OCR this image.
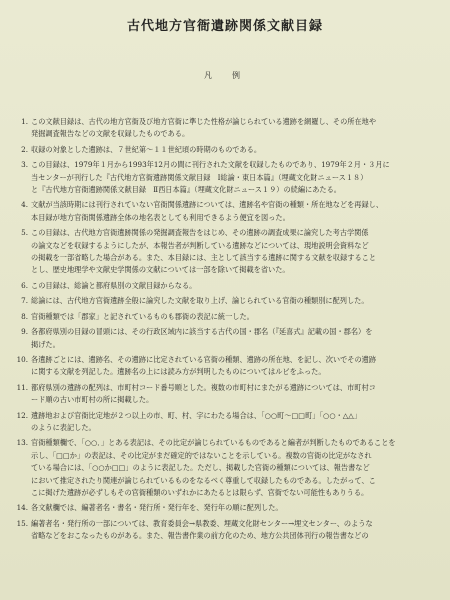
古代地方官衙遺跡関係文献目録
凡　例
1. この文献目録は、古代の地方官衙及び地方官衙に準じた性格が論じられている遺跡を網羅し、その所在地や
発掘調査報告などの文献を収録したものである。
2. 収録の対象とした遺跡は、７世紀第～１１世紀頃の時期のものである。
3. この目録は、1979年１月から1993年12月の間に刊行された文献を収録したものであり、1979年２月・３月に
当センターが刊行した『古代地方官衙遺跡関係文献目録　Ⅰ総論・東日本篇』（埋蔵文化財ニュース１８）
と『古代地方官衙遺跡関係文献目録　Ⅱ西日本篇』（埋蔵文化財ニュース１９）の続編にあたる。
4. 文献が当該時期には刊行されていない官衙関係遺跡については、遺跡名や官衙の種類・所在地などを再録し、
本目録が地方官衙関係遺跡全体の地名表としても利用できるよう便宜を図った。
5. この目録は、古代地方官衙遺跡関係の発掘調査報告をはじめ、その遺跡の調査成果に論究した考古学関係
の論文などを収録するようにしたが、本報告者が判断している遺跡などについては、現地説明会資料など
の掲載を一部省略した場合がある。また、本目録には、主として該当する遺跡に関する文献を収録すること
とし、歴史地理学や文献史学関係の文献については一部を除いて掲載を省いた。
6. この目録は、総論と都府県別の文献目録からなる。
7. 総論には、古代地方官衙遺跡全般に論究した文献を取り上げ、論じられている官衙の種類別に配列した。
8. 官衙種類では「郡家」と記されているものも郡衙の表記に統一した。
9. 各都府県別の目録の冒頭には、その行政区域内に該当する古代の国・郡名（『延喜式』記載の国・郡名）を
掲げた。
10. 各遺跡ごとには、遺跡名、その遺跡に比定されている官衙の種類、遺跡の所在地、を記し、次いでその遺跡
に関する文献を列記した。遺跡名の上には読み方が判明したものについてはルビをふった。
11. 都府県別の遺跡の配列は、市町村コード番号順とした。複数の市町村にまたがる遺跡については、市町村コ
ード順の古い市町村の所に掲載した。
12. 遺跡地および官衙比定地が２つ以上の市、町、村、字にわたる場合は、「○○町～□□町」「○○・△△」
のように表記した。
13. 官衙種類欄で、「○○．」とある表記は、その比定が論じられているものであると編者が判断したものであることを
示し、「□□か」の表記は、その比定がまだ確定的ではないことを示している。複数の官衙の比定がなされ
ている場合には、「○○か□□」のように表記した。ただし、掲載した官衙の種類については、報告書など
において推定されたり関連が論じられているものをなるべく尊重して収録したものである。したがって、こ
こに掲げた遺跡が必ずしもその官衙種類のいずれかにあたるとは限らず、官衙でない可能性もありうる。
14. 各文献欄では、編著者名・書名・発行所・発行年を、発行年の順に配列した。
15. 編著者名・発行所の一部については、教育委員会→県教委、埋蔵文化財センター→埋文センター、のような
省略などをおこなったものがある。また、報告書作業の前方化のため、地方公共団体刊行の報告書などの
